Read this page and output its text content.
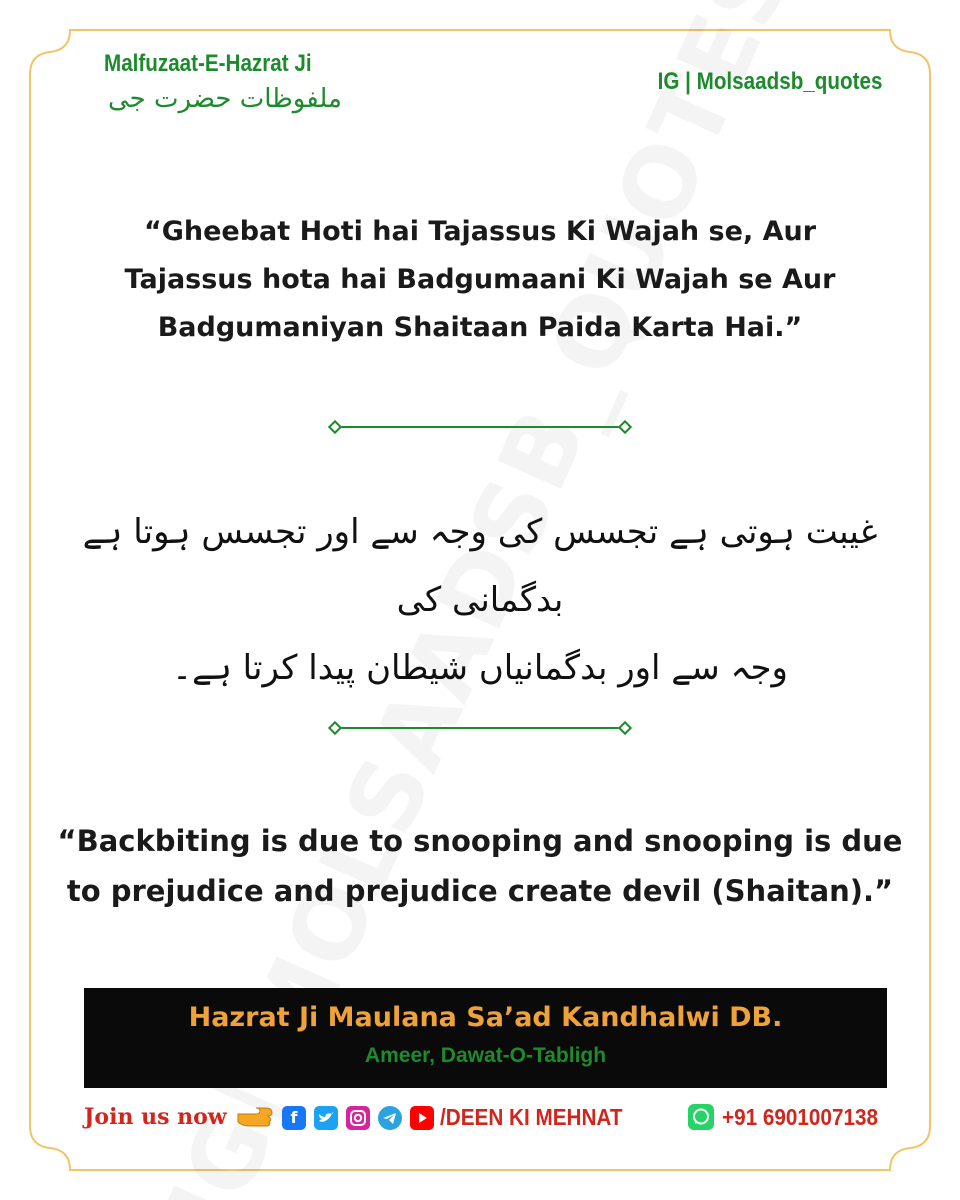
Malfuzaat-E-Hazrat Ji
ملفوظات حضرت جی
IG | Molsaadsb_quotes
“Gheebat Hoti hai Tajassus Ki Wajah se, Aur
Tajassus hota hai Badgumaani Ki Wajah se Aur
Badgumaniyan Shaitaan Paida Karta Hai.”
غیبت ہوتی ہے تجسس کی وجہ سے اور تجسس ہوتا ہے بدگمانی کی
وجہ سے اور بدگمانیاں شیطان پیدا کرتا ہے۔
“Backbiting is due to snooping and snooping is due
to prejudice and prejudice create devil (Shaitan).”
Hazrat Ji Maulana Sa’ad Kandhalwi DB.
Ameer, Dawat-O-Tabligh
Join us now	f	/DEEN KI MEHNAT	+91 6901007138
